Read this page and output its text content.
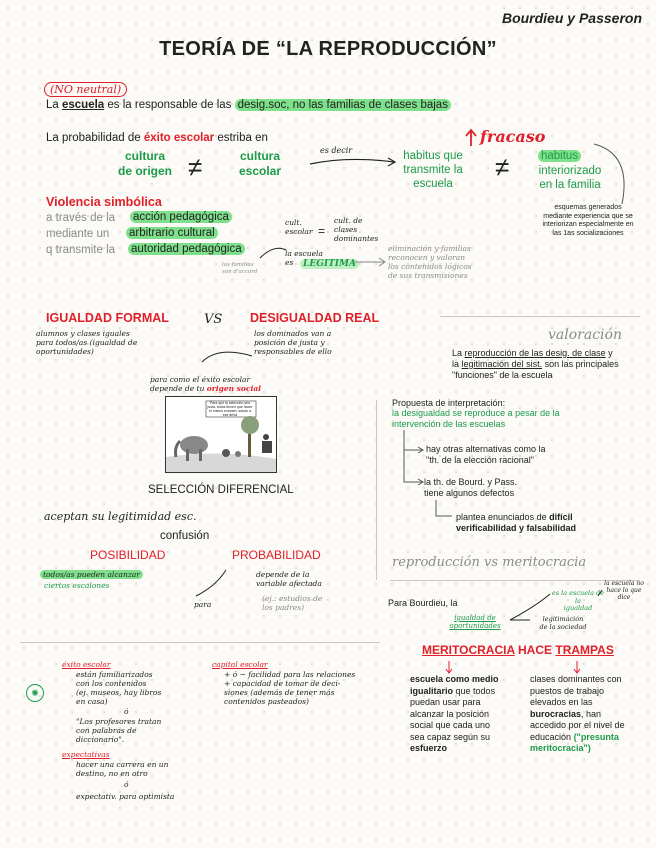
Bourdieu y Passeron
TEORÍA DE “LA REPRODUCCIÓN”
(NO neutral)
La escuela es la responsable de las desig.soc, no las familias de clases bajas
La probabilidad de éxito escolar estriba en
cultura
de origen ≠	cultura
escolar
es decir	habitus que
transmite la
escuela
≠
fracaso
habitus
interiorizado
en la familia
esquemas generados
mediante experiencia que se
interiorizan especialmente en
las 1as socializaciones
Violencia simbólica
a través de la
mediante un
q transmite la
acción pedagógica
arbitrario cultural
autoridad pedagógica
cult.
escolar =
cult. de
clases
dominantes
la escuela
es	LEGITIMA
eliminación y familias
reconocen y valoran
los contenidos lógicos
de sus transmisiones
las familias
son d'accord
IGUALDAD FORMAL	VS DESIGUALDAD REAL
alumnos y clases iguales
para todos/as (igualdad de
oportunidades)
los dominados van a
posición de justa y
responsables de ello

para como el éxito escolar
depende de tu origen social

Para que la selección sea justa, todos tienen que hacer el mismo examen: suban a ese árbol
SELECCIÓN DIFERENCIAL
aceptan su legitimidad esc.
confusión
POSIBILIDAD	PROBABILIDAD
todos/as pueden alcanzar
ciertos escalones
para
depende de la
variable afectada
(ej.: estudios de
los padres)
valoración
La reproducción de las desig. de clase y la legitimación del sist. son las principales "funciones" de la escuela
Propuesta de interpretación:
la desigualdad se reproduce a pesar de la intervención de las escuelas
hay otras alternativas como la
"th. de la elección racional"
la th. de Bourd. y Pass.
tiene algunos defectos
plantea enunciados de difícil verificabilidad y falsabilidad
reproducción vs meritocracia
Para Bourdieu, la
igualdad de
oportunidades
es la escuela de
la
igualdad
legitimación
de la sociedad
la escuela no
hace lo que
dice
MERITOCRACIA HACE TRAMPAS
escuela como medio igualitario que todos puedan usar para alcanzar la posición social que cada uno sea capaz según su esfuerzo
clases dominantes con puestos de trabajo elevados en las burocracias, han accedido por el nivel de educación ("presunta meritocracia")
✺
éxito escolar
están familiarizados
con los contenidos
(ej. museos, hay libros
en casa)
ó
"Los profesores tratan
con palabras de
diccionario".
expectativas
hacer una carrera en un
destino, no en otro
ó
expectativ. para optimista
capital escolar
+ ó − facilidad para las relaciones
+ capacidad de tomar de deci-
siones (además de tener más
contenidos pasteados)
